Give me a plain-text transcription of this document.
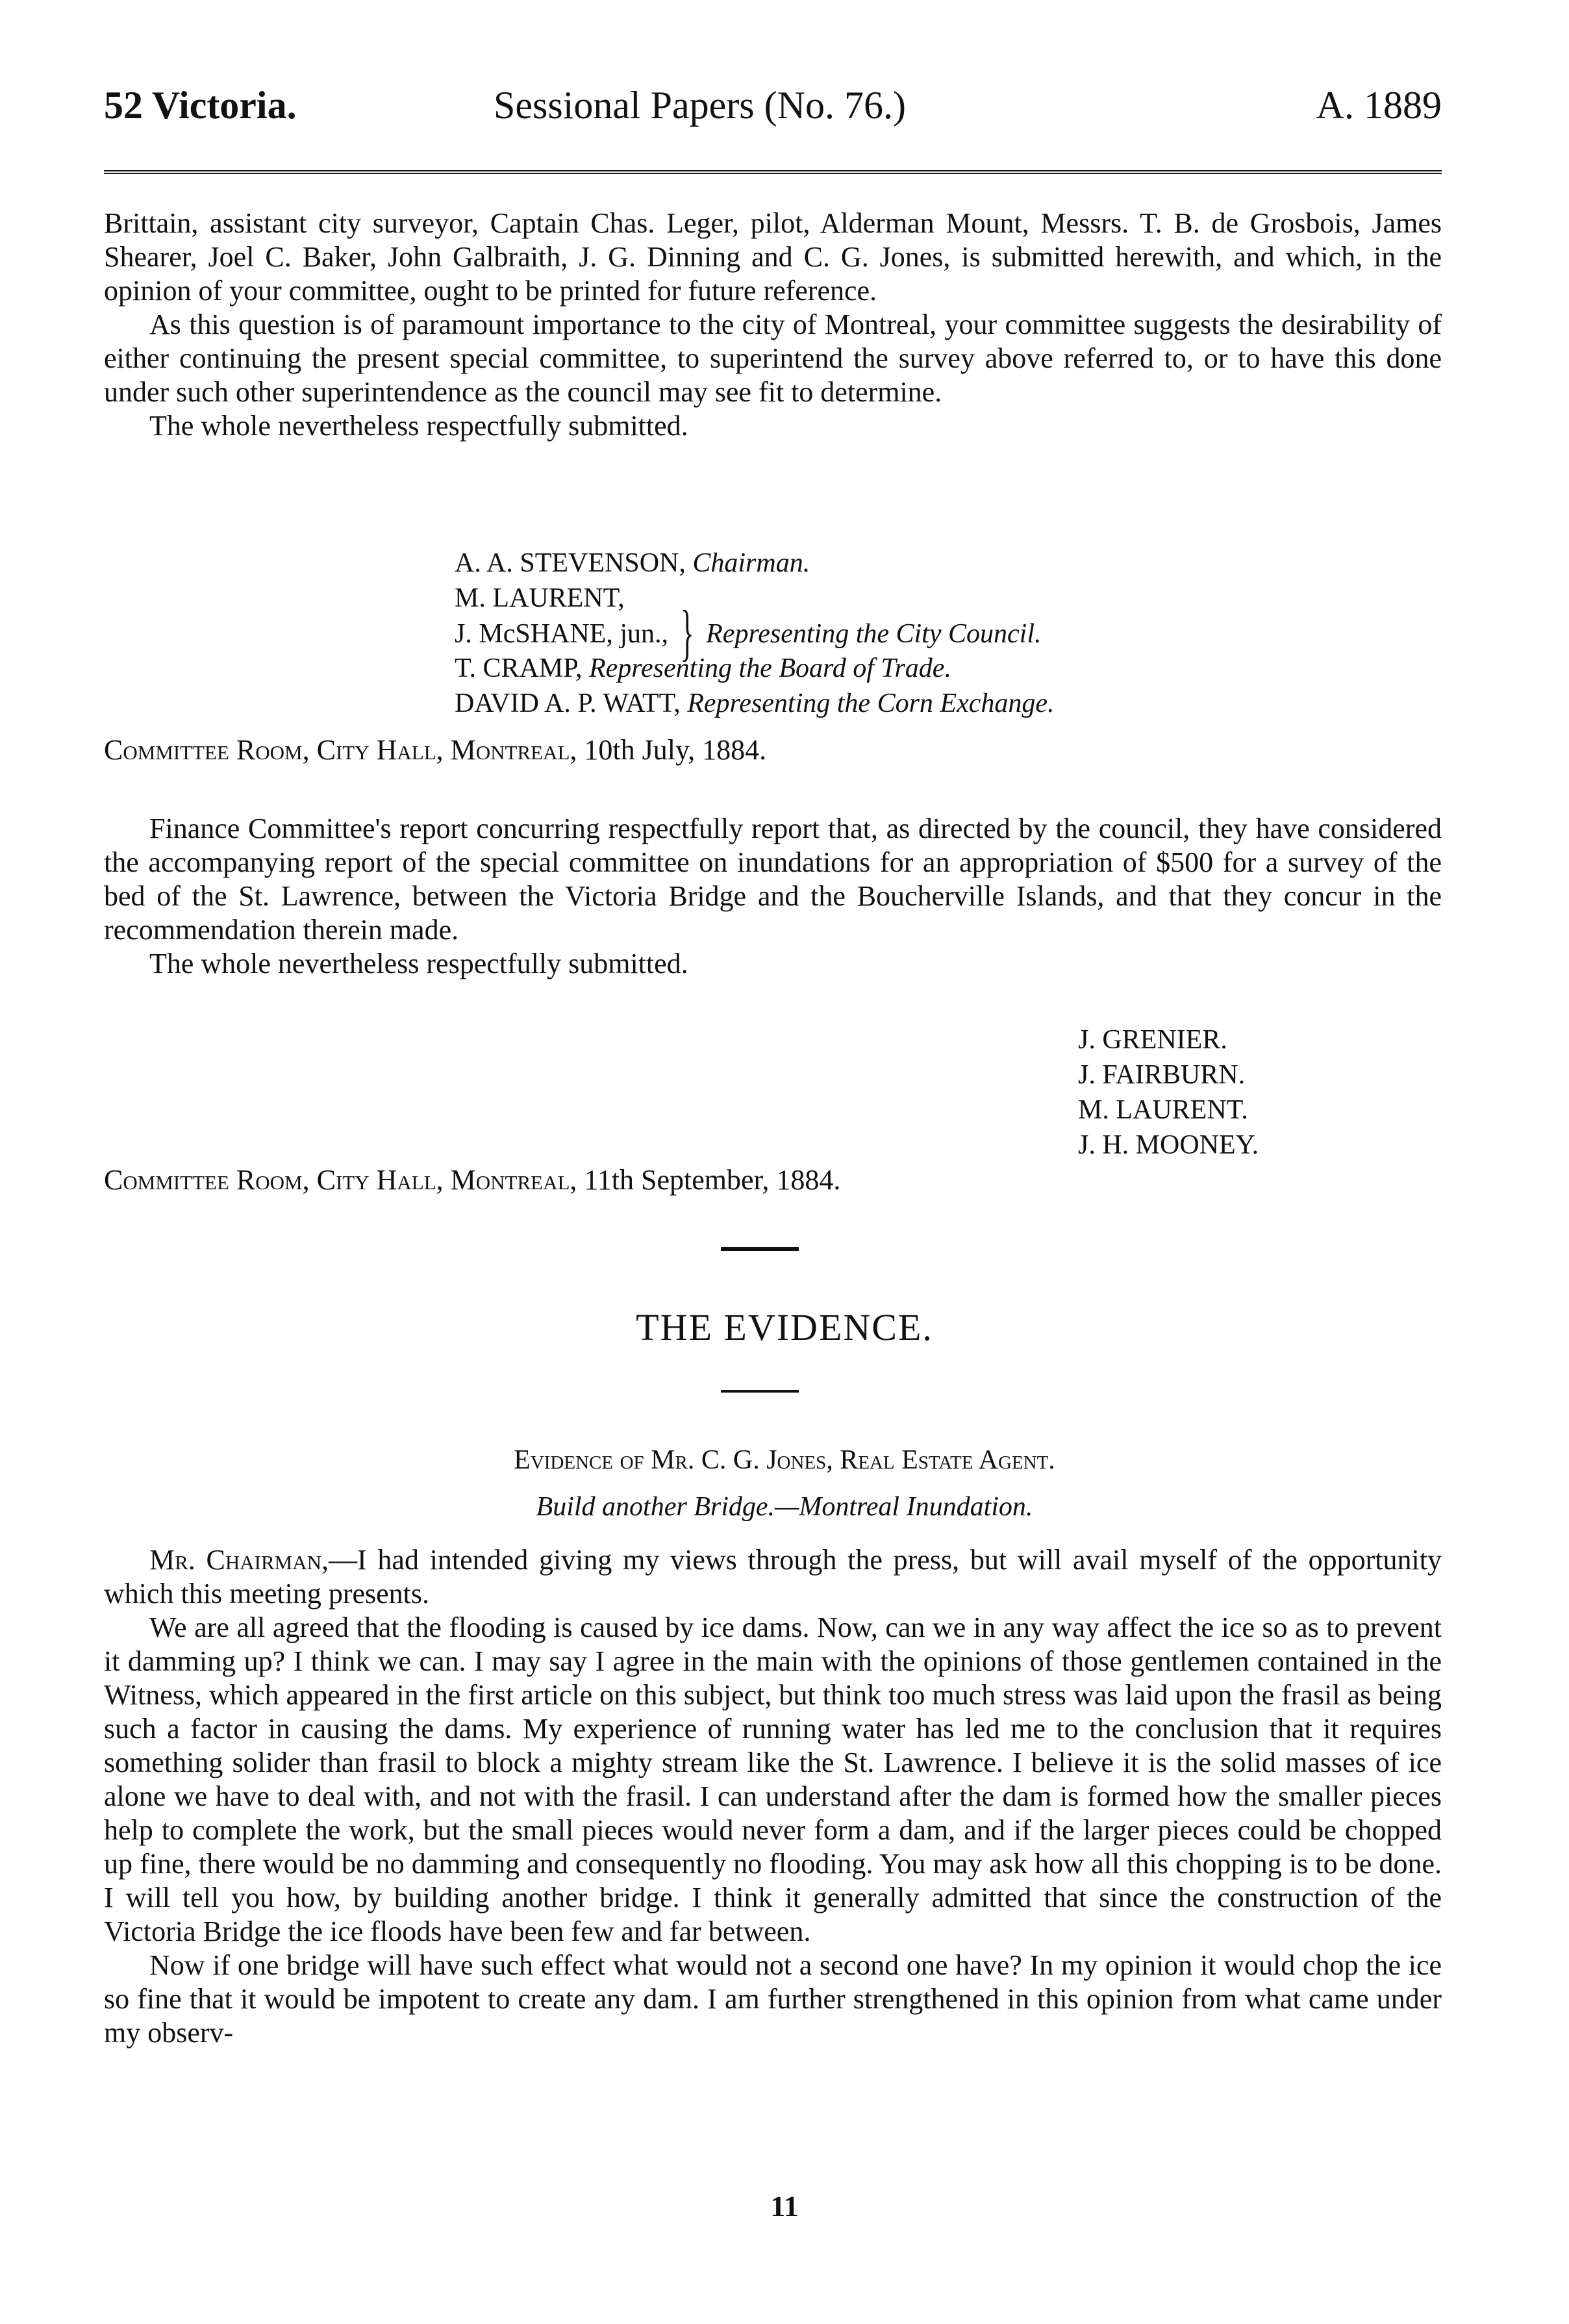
52 Victoria.	Sessional Papers (No. 76.)	A. 1889

Brittain, assistant city surveyor, Captain Chas. Leger, pilot, Alderman Mount, Messrs. T. B. de Grosbois, James Shearer, Joel C. Baker, John Galbraith, J. G. Dinning and C. G. Jones, is submitted herewith, and which, in the opinion of your committee, ought to be printed for future reference.

As this question is of paramount importance to the city of Montreal, your committee suggests the desirability of either continuing the present special committee, to superintend the survey above referred to, or to have this done under such other superintendence as the council may see fit to determine.

The whole nevertheless respectfully submitted.

A. A. STEVENSON, Chairman.
M. LAURENT,
J. McSHANE, jun., } Representing the City Council.
T. CRAMP, Representing the Board of Trade.
DAVID A. P. WATT, Representing the Corn Exchange.
Committee Room, City Hall, Montreal, 10th July, 1884.

Finance Committee's report concurring respectfully report that, as directed by the council, they have considered the accompanying report of the special committee on inundations for an appropriation of $500 for a survey of the bed of the St. Lawrence, between the Victoria Bridge and the Boucherville Islands, and that they concur in the recommendation therein made.

The whole nevertheless respectfully submitted.

J. GRENIER.
J. FAIRBURN.
M. LAURENT.
J. H. MOONEY.
Committee Room, City Hall, Montreal, 11th September, 1884.
THE EVIDENCE.
Evidence of Mr. C. G. Jones, Real Estate Agent.
Build another Bridge.—Montreal Inundation.

Mr. Chairman,—I had intended giving my views through the press, but will avail myself of the opportunity which this meeting presents.

We are all agreed that the flooding is caused by ice dams. Now, can we in any way affect the ice so as to prevent it damming up? I think we can. I may say I agree in the main with the opinions of those gentlemen contained in the Witness, which appeared in the first article on this subject, but think too much stress was laid upon the frasil as being such a factor in causing the dams. My experience of running water has led me to the conclusion that it requires something solider than frasil to block a mighty stream like the St. Lawrence. I believe it is the solid masses of ice alone we have to deal with, and not with the frasil. I can understand after the dam is formed how the smaller pieces help to complete the work, but the small pieces would never form a dam, and if the larger pieces could be chopped up fine, there would be no damming and consequently no flooding. You may ask how all this chopping is to be done. I will tell you how, by building another bridge. I think it generally admitted that since the construction of the Victoria Bridge the ice floods have been few and far between.

Now if one bridge will have such effect what would not a second one have? In my opinion it would chop the ice so fine that it would be impotent to create any dam. I am further strengthened in this opinion from what came under my observ-

11
